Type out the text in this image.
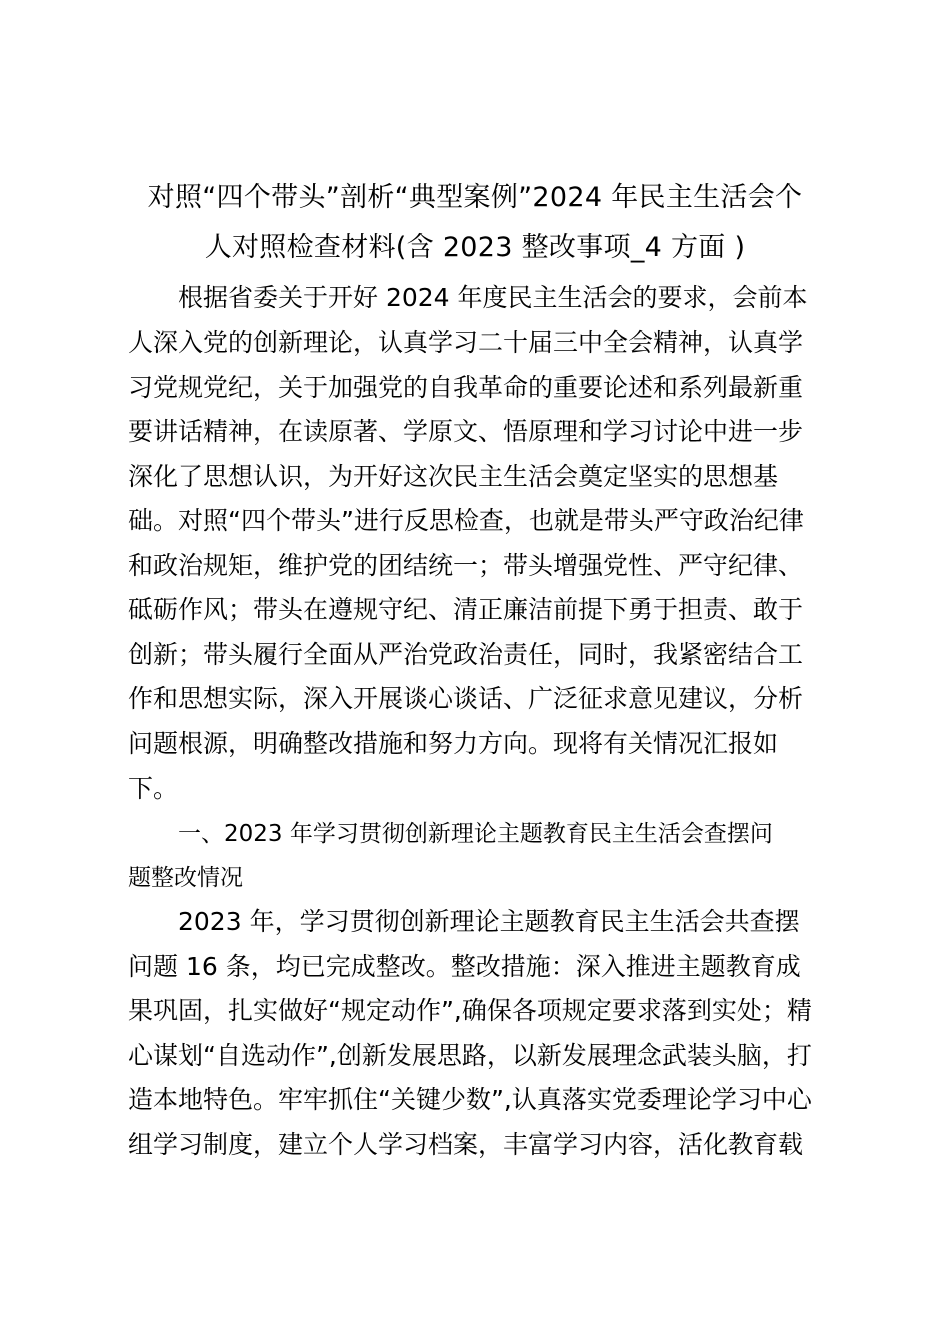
对照“四个带头”剖析“典型案例”2024 年民主生活会个
人对照检查材料(含 2023 整改事项_4 方面 )
根据省委关于开好 2024 年度民主生活会的要求，会前本
人深入党的创新理论，认真学习二十届三中全会精神，认真学
习党规党纪，关于加强党的自我革命的重要论述和系列最新重
要讲话精神，在读原著、学原文、悟原理和学习讨论中进一步
深化了思想认识，为开好这次民主生活会奠定坚实的思想基
础。对照“四个带头”进行反思检查，也就是带头严守政治纪律
和政治规矩，维护党的团结统一；带头增强党性、严守纪律、
砥砺作风；带头在遵规守纪、清正廉洁前提下勇于担责、敢于
创新；带头履行全面从严治党政治责任，同时，我紧密结合工
作和思想实际，深入开展谈心谈话、广泛征求意见建议，分析
问题根源，明确整改措施和努力方向。现将有关情况汇报如
下。
一、2023 年学习贯彻创新理论主题教育民主生活会查摆问
题整改情况
2023 年，学习贯彻创新理论主题教育民主生活会共查摆
问题 16 条，均已完成整改。整改措施：深入推进主题教育成
果巩固，扎实做好“规定动作”,确保各项规定要求落到实处；精
心谋划“自选动作”,创新发展思路，以新发展理念武装头脑，打
造本地特色。牢牢抓住“关键少数”,认真落实党委理论学习中心
组学习制度，建立个人学习档案，丰富学习内容，活化教育载
